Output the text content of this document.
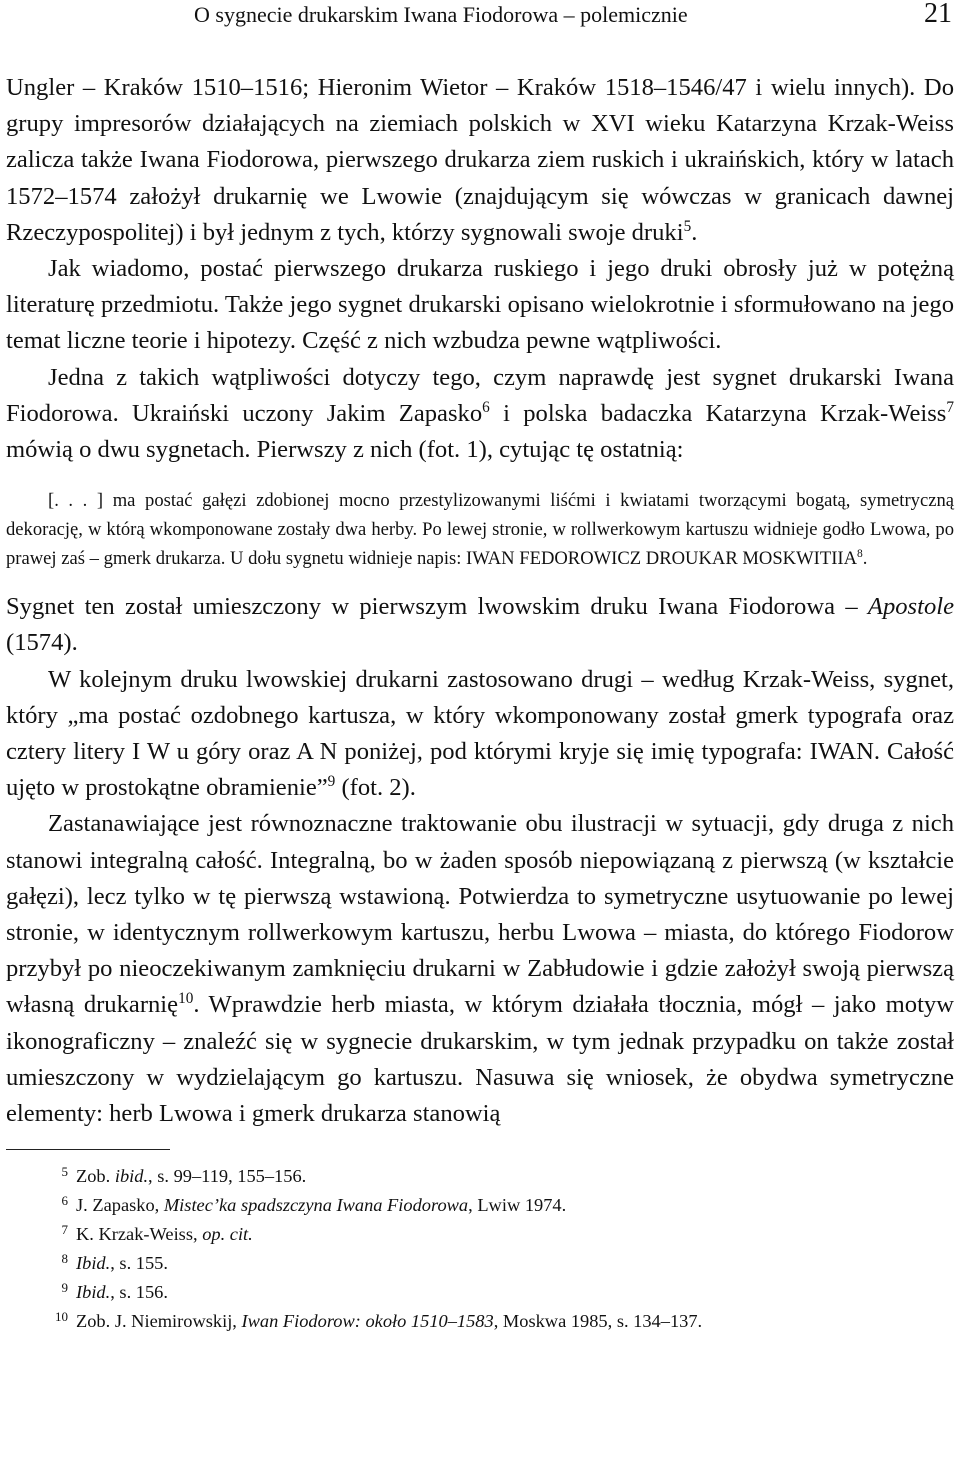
O sygnecie drukarskim Iwana Fiodorowa – polemicznie	21

Ungler – Kraków 1510–1516; Hieronim Wietor – Kraków 1518–1546/47 i wielu innych). Do grupy impresorów działających na ziemiach polskich w XVI wieku Katarzyna Krzak-Weiss zalicza także Iwana Fiodorowa, pierwszego drukarza ziem ruskich i ukraińskich, który w latach 1572–1574 założył drukarnię we Lwowie (znajdującym się wówczas w granicach dawnej Rzeczypospolitej) i był jednym z tych, którzy sygnowali swoje druki$^5$.

Jak wiadomo, postać pierwszego drukarza ruskiego i jego druki obrosły już w potężną literaturę przedmiotu. Także jego sygnet drukarski opisano wielokrotnie i sformułowano na jego temat liczne teorie i hipotezy. Część z nich wzbudza pewne wątpliwości.

Jedna z takich wątpliwości dotyczy tego, czym naprawdę jest sygnet drukarski Iwana Fiodorowa. Ukraiński uczony Jakim Zapasko$^6$ i polska badaczka Katarzyna Krzak-Weiss$^7$ mówią o dwu sygnetach. Pierwszy z nich (fot. 1), cytując tę ostatnią:

[. . . ] ma postać gałęzi zdobionej mocno przestylizowanymi liśćmi i kwiatami tworzącymi bogatą, symetryczną dekorację, w którą wkomponowane zostały dwa herby. Po lewej stronie, w rollwerkowym kartuszu widnieje godło Lwowa, po prawej zaś – gmerk drukarza. U dołu sygnetu widnieje napis: IWAN FEDOROWICZ DROUKAR MOSKWITIIA$^8$.

Sygnet ten został umieszczony w pierwszym lwowskim druku Iwana Fiodorowa – Apostole (1574).

W kolejnym druku lwowskiej drukarni zastosowano drugi – według Krzak-Weiss, sygnet, który „ma postać ozdobnego kartusza, w który wkomponowany został gmerk typografa oraz cztery litery I W u góry oraz A N poniżej, pod którymi kryje się imię typografa: IWAN. Całość ujęto w prostokątne obramienie”$^9$ (fot. 2).

Zastanawiające jest równoznaczne traktowanie obu ilustracji w sytuacji, gdy druga z nich stanowi integralną całość. Integralną, bo w żaden sposób niepowiązaną z pierwszą (w kształcie gałęzi), lecz tylko w tę pierwszą wstawioną. Potwierdza to symetryczne usytuowanie po lewej stronie, w identycznym rollwerkowym kartuszu, herbu Lwowa – miasta, do którego Fiodorow przybył po nieoczekiwanym zamknięciu drukarni w Zabłudowie i gdzie założył swoją pierwszą własną drukarnię$^{10}$. Wprawdzie herb miasta, w którym działała tłocznia, mógł – jako motyw ikonograficzny – znaleźć się w sygnecie drukarskim, w tym jednak przypadku on także został umieszczony w wydzielającym go kartuszu. Nasuwa się wniosek, że obydwa symetryczne elementy: herb Lwowa i gmerk drukarza stanowią

5 Zob. ibid., s. 99–119, 155–156.
6 J. Zapasko, Mistec’ka spadszczyna Iwana Fiodorowa, Lwiw 1974.
7 K. Krzak-Weiss, op. cit.
8 Ibid., s. 155.
9 Ibid., s. 156.
10 Zob. J. Niemirowskij, Iwan Fiodorow: około 1510–1583, Moskwa 1985, s. 134–137.
